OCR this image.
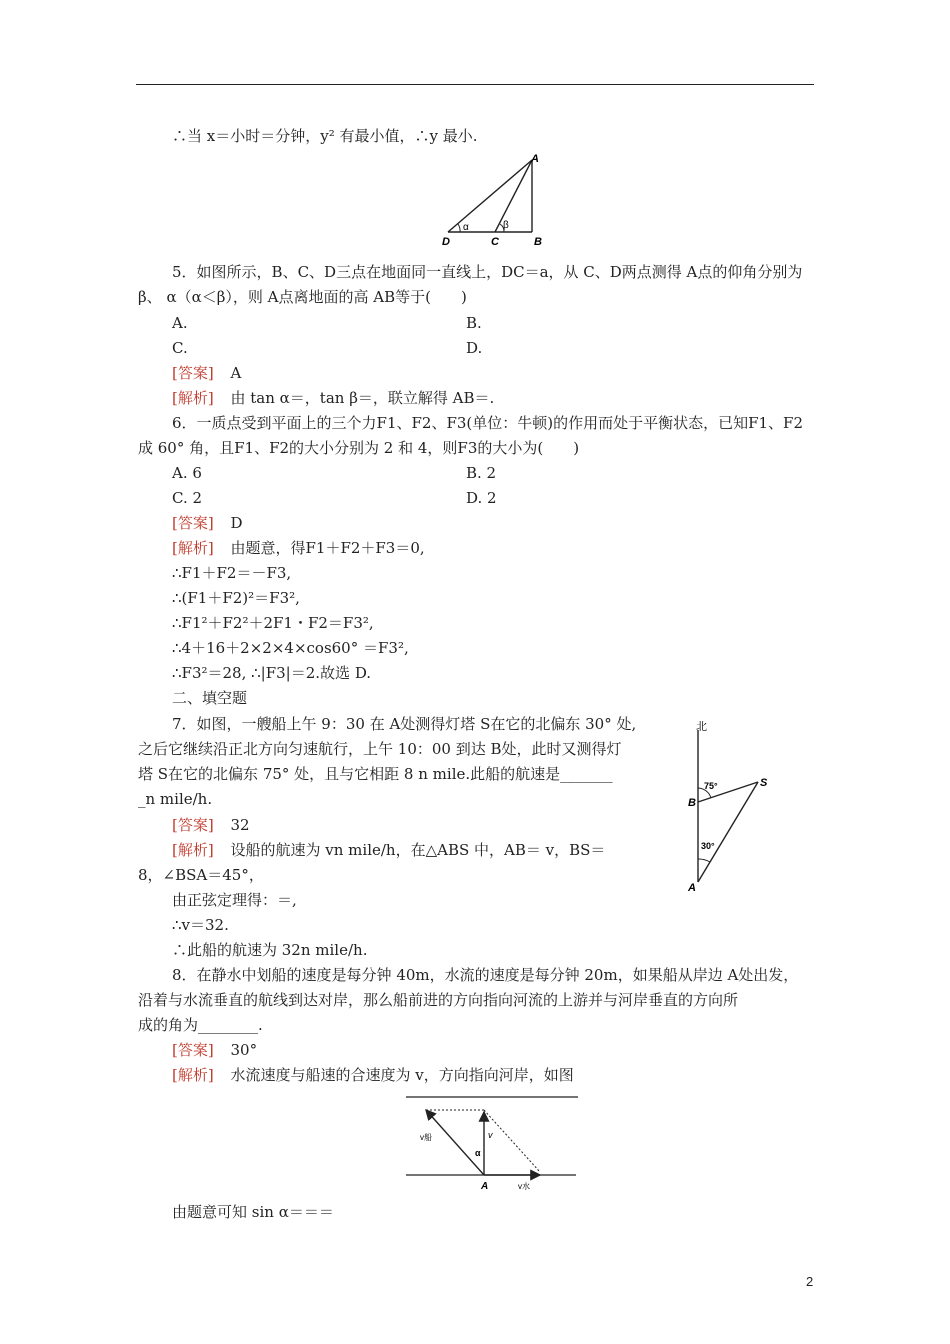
∴当 x＝小时＝分钟，y² 有最小值，∴y 最小.
A
B
C
D
α	β
5．如图所示，B、C、D三点在地面同一直线上，DC＝a，从 C、D两点测得 A点的仰角分别为
β、 α（α＜β），则 A点离地面的高 AB等于(　　)
A.	B.
C.	D.
[答案] A
[解析] 由 tan α＝，tan β＝，联立解得 AB＝.
6．一质点受到平面上的三个力F1、F2、F3(单位：牛顿)的作用而处于平衡状态，已知F1、F2
成 60° 角，且F1、F2的大小分别为 2 和 4，则F3的大小为(　　)
A. 6	B. 2
C. 2	D. 2
[答案] D
[解析] 由题意，得F1＋F2＋F3＝0,
∴F1＋F2＝－F3,
∴(F1＋F2)²＝F3²,
∴F1²＋F2²＋2F1・F2＝F3²,
∴4＋16＋2×2×4×cos60° ＝F3²,
∴F3²＝28, ∴|F3|＝2.故选 D.
二、填空题
7．如图，一艘船上午 9：30 在 A处测得灯塔 S在它的北偏东 30° 处,
之后它继续沿正北方向匀速航行，上午 10：00 到达 B处，此时又测得灯
塔 S在它的北偏东 75° 处，且与它相距 8 n mile.此船的航速是_______
_n mile/h.
[答案] 32
[解析] 设船的航速为 vn mile/h，在△ABS 中，AB＝ v，BS＝
8，∠BSA＝45°，
由正弦定理得：＝,
∴v＝32.
∴此船的航速为 32n mile/h.
北
S
B
A
75°
30°
8．在静水中划船的速度是每分钟 40m，水流的速度是每分钟 20m，如果船从岸边 A处出发，
沿着与水流垂直的航线到达对岸，那么船前进的方向指向河流的上游并与河岸垂直的方向所
成的角为________.
[答案] 30°
[解析] 水流速度与船速的合速度为 v，方向指向河岸，如图
v船	v
α
A	v水
由题意可知 sin α＝＝＝
2
